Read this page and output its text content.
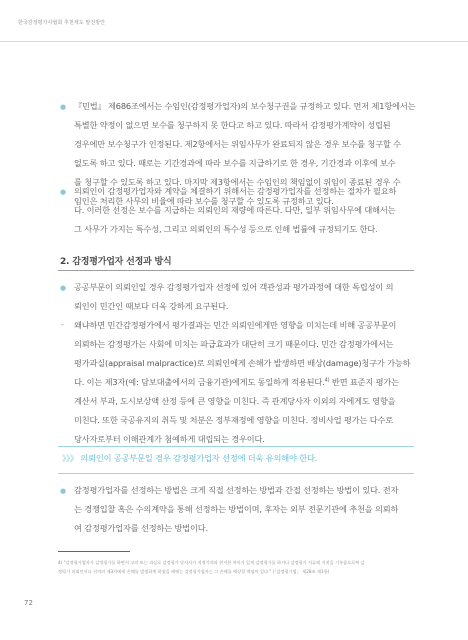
한국감정평가사협회 추천제도 발전방안
● 『민법』 제686조에서는 수임인(감정평가업자)의 보수청구권을 규정하고 있다. 먼저 제1항에서는
특별한 약정이 없으면 보수를 청구하지 못 한다고 하고 있다. 따라서 감정평가계약이 성립된
경우에만 보수청구가 인정된다. 제2항에서는 위임사무가 완료되지 않은 경우 보수를 청구할 수
없도록 하고 있다. 때로는 기간경과에 따라 보수를 지급하기로 한 경우, 기간경과 이후에 보수
를 청구할 수 있도록 하고 있다. 마지막 제3항에서는 수임인의 책임없이 위임이 종료된 경우 수
임인은 처리한 사무의 비율에 따라 보수를 청구할 수 있도록 규정하고 있다.
● 의뢰인이 감정평가업자와 계약을 체결하기 위해서는 감정평가업자를 선정하는 절차가 필요하
다. 이러한 선정은 보수를 지급하는 의뢰인의 재량에 따른다. 다만, 일부 위임사무에 대해서는
그 사무가 가지는 특수성, 그리고 의뢰인의 특수성 등으로 인해 법률에 규정되기도 한다.
2. 감정평가업자 선정과 방식
● 공공부문이 의뢰인일 경우 감정평가업자 선정에 있어 객관성과 평가과정에 대한 독립성이 의
뢰인이 민간인 때보다 더욱 강하게 요구된다.
- 왜냐하면 민간감정평가에서 평가결과는 민간 의뢰인에게만 영향을 미치는데 비해 공공부문이
의뢰하는 감정평가는 사회에 미치는 파급효과가 대단히 크기 때문이다. 민간 감정평가에서는
평가과실(appraisal malpractice)로 의뢰인에게 손해가 발생하면 배상(damage)청구가 가능하
다. 이는 제3자(예: 담보대출에서의 금융기관)에게도 동일하게 적용된다.$^{4)}$ 반면 표준지 평가는
계산서 부과, 도시보상액 산정 등에 큰 영향을 미친다. 즉 관계당사자 이외의 자에게도 영향을
미친다. 또한 국공유지의 취득 및 처분은 정부재정에 영향을 미친다. 정비사업 평가는 다수로
당사자로부터 이해관계가 첨예하게 대립되는 경우이다.
》》》 의뢰인이 공공부문일 경우 감정평가업자 선정에 더욱 유의해야 한다.
● 감정평가업자를 선정하는 방법은 크게 직접 선정하는 방법과 간접 선정하는 방법이 있다. 전자
는 경쟁입찰 혹은 수의계약을 통해 선정하는 방법이며, 후자는 외부 전문기관에 추천을 의뢰하
여 감정평가업자를 선정하는 방법이다.
4) "감정평가업자가 감정평가를 하면서 고의 또는 과실로 감정평가 당사자가 적정가격과 현저한 차이가 있게 감정평가를 하거나 감정평가 서류에 거짓을 기록함으로써 감
정평가 의뢰인이나 선의의 제3자에게 손해를 발생하게 하였을 때에는 감정평가업자는 그 손해를 배상할 책임이 있다." (「감정평가법」 제28조 제1항)
72
